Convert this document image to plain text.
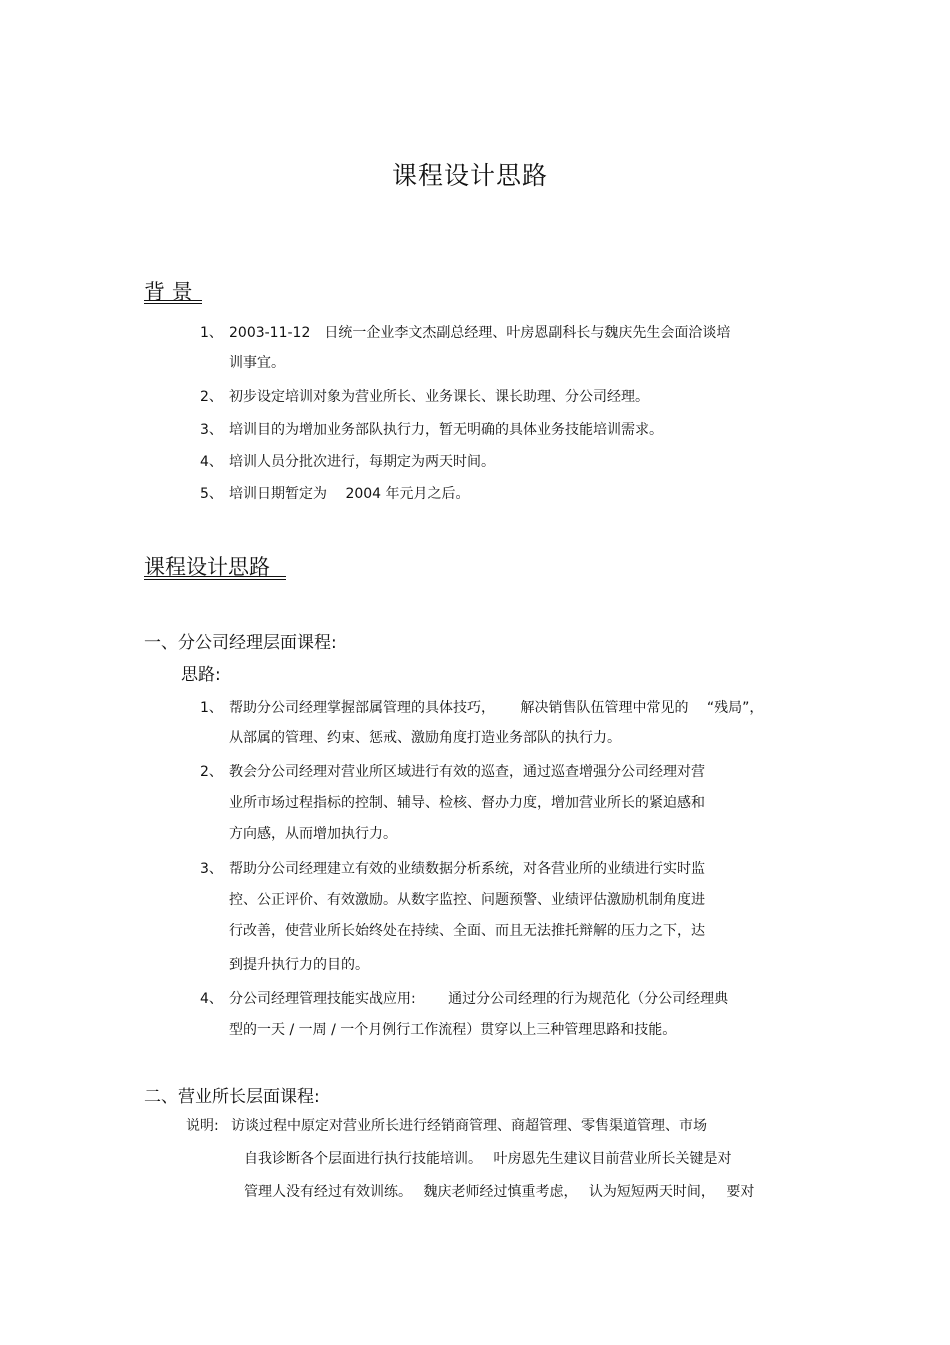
课程设计思路
背 景
1、 2003-11-12　日统一企业李文杰副总经理、叶房恩副科长与魏庆先生会面洽谈培
训事宜。
2、 初步设定培训对象为营业所长、业务课长、课长助理、分公司经理。
3、 培训目的为增加业务部队执行力，暂无明确的具体业务技能培训需求。
4、 培训人员分批次进行，每期定为两天时间。
5、 培训日期暂定为　 2004 年元月之后。
课程设计思路
一、分公司经理层面课程:
思路:
1、 帮助分公司经理掌握部属管理的具体技巧，　　 解决销售队伍管理中常见的　 “残局”，
从部属的管理、约束、惩戒、激励角度打造业务部队的执行力。
2、 教会分公司经理对营业所区域进行有效的巡查，通过巡查增强分公司经理对营
业所市场过程指标的控制、辅导、检核、督办力度，增加营业所长的紧迫感和
方向感，从而增加执行力。
3、 帮助分公司经理建立有效的业绩数据分析系统，对各营业所的业绩进行实时监
控、公正评价、有效激励。从数字监控、问题预警、业绩评估激励机制角度进
行改善，使营业所长始终处在持续、全面、而且无法推托辩解的压力之下，达
到提升执行力的目的。
4、 分公司经理管理技能实战应用:　　 通过分公司经理的行为规范化（分公司经理典
型的一天 / 一周 / 一个月例行工作流程）贯穿以上三种管理思路和技能。
二、营业所长层面课程:
说明: 访谈过程中原定对营业所长进行经销商管理、商超管理、零售渠道管理、市场
自我诊断各个层面进行执行技能培训。　 叶房恩先生建议目前营业所长关键是对
管理人没有经过有效训练。　 魏庆老师经过慎重考虑，　 认为短短两天时间，　 要对
